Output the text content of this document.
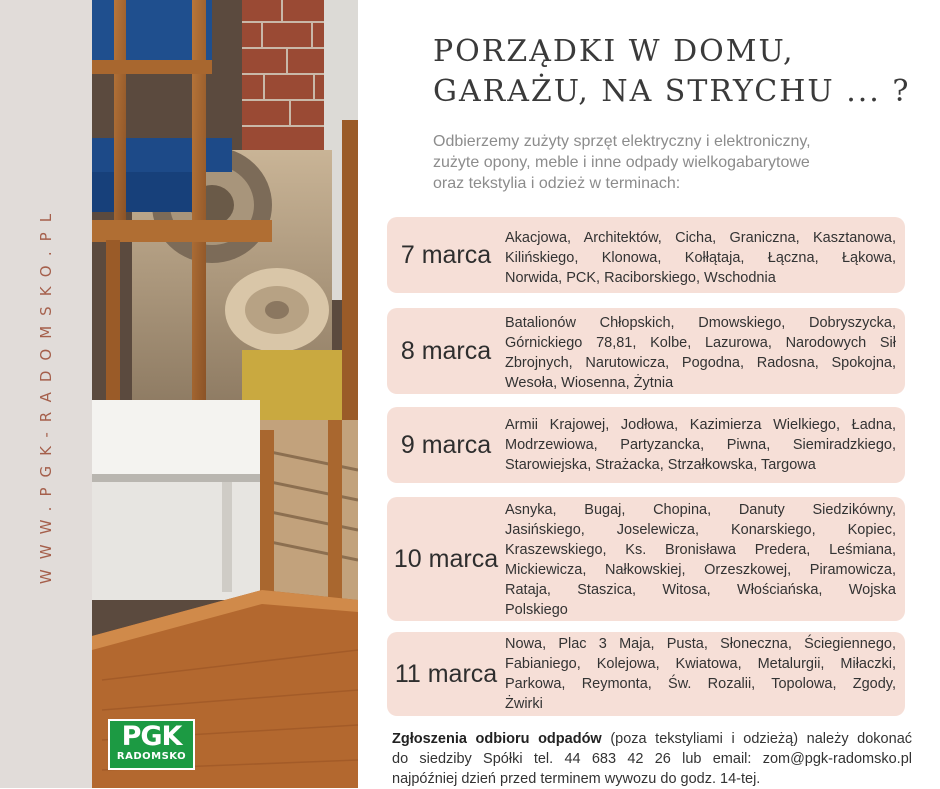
WWW.PGK-RADOMSKO.PL
PGK
RADOMSKO
PORZĄDKI W DOMU,
GARAŻU, NA STRYCHU ... ?

Odbierzemy zużyty sprzęt elektryczny i elektroniczny,
zużyte opony, meble i inne odpady wielkogabarytowe
oraz tekstylia i odzież w terminach:

7 marca
Akacjowa, Architektów, Cicha, Graniczna, Kasztanowa,
Kilińskiego, Klonowa, Kołłątaja, Łączna, Łąkowa,
Norwida, PCK, Raciborskiego, Wschodnia
8 marca
Batalionów Chłopskich, Dmowskiego, Dobryszycka,
Górnickiego 78,81, Kolbe, Lazurowa, Narodowych Sił
Zbrojnych, Narutowicza, Pogodna, Radosna, Spokojna,
Wesoła, Wiosenna, Żytnia
9 marca
Armii Krajowej, Jodłowa, Kazimierza Wielkiego, Ładna,
Modrzewiowa, Partyzancka, Piwna, Siemiradzkiego,
Starowiejska, Strażacka, Strzałkowska, Targowa
10 marca
Asnyka, Bugaj, Chopina, Danuty Siedzikówny,
Jasińskiego, Joselewicza, Konarskiego, Kopiec,
Kraszewskiego, Ks. Bronisława Predera, Leśmiana,
Mickiewicza, Nałkowskiej, Orzeszkowej, Piramowicza,
Rataja, Staszica, Witosa, Włościańska, Wojska
Polskiego
11 marca
Nowa, Plac 3 Maja, Pusta, Słoneczna, Ściegiennego,
Fabianiego, Kolejowa, Kwiatowa, Metalurgii, Miłaczki,
Parkowa, Reymonta, Św. Rozalii, Topolowa, Zgody,
Żwirki
Zgłoszenia odbioru odpadów (poza tekstyliami i odzieżą) należy dokonać
do siedziby Spółki tel. 44 683 42 26 lub email: zom@pgk-radomsko.pl
najpóźniej dzień przed terminem wywozu do godz. 14-tej.
